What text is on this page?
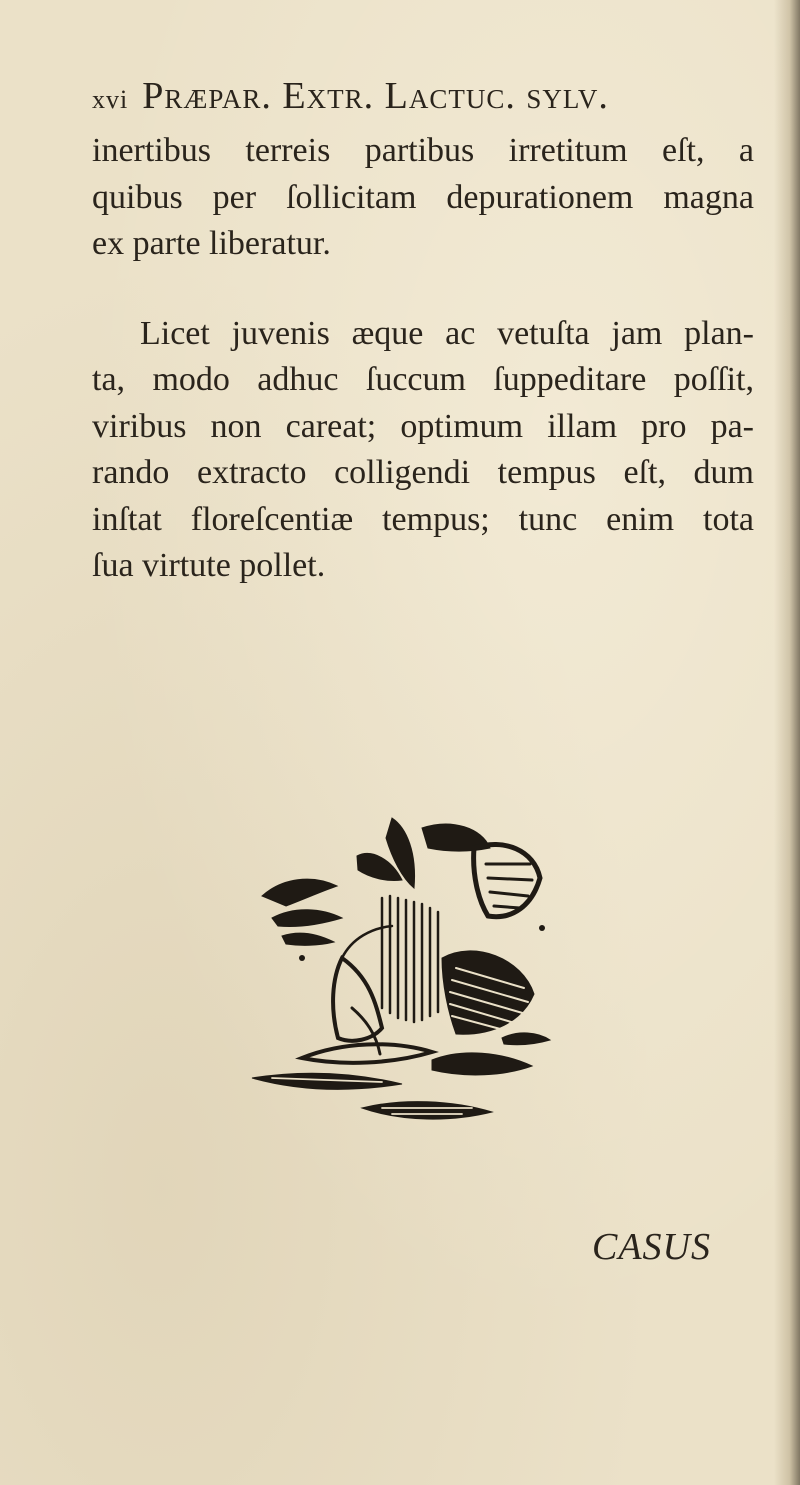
xvi Præpar. Extr. Lactuc. sylv.

inertibus terreis partibus irretitum eſt, a
quibus per ſollicitam depurationem magna
ex parte liberatur.

Licet juvenis æque ac vetuſta jam plan-
ta, modo adhuc ſuccum ſuppeditare poſſit,
viribus non careat; optimum illam pro pa-
rando extracto colligendi tempus eſt, dum
inſtat floreſcentiæ tempus; tunc enim tota
ſua virtute pollet.

CASUS
